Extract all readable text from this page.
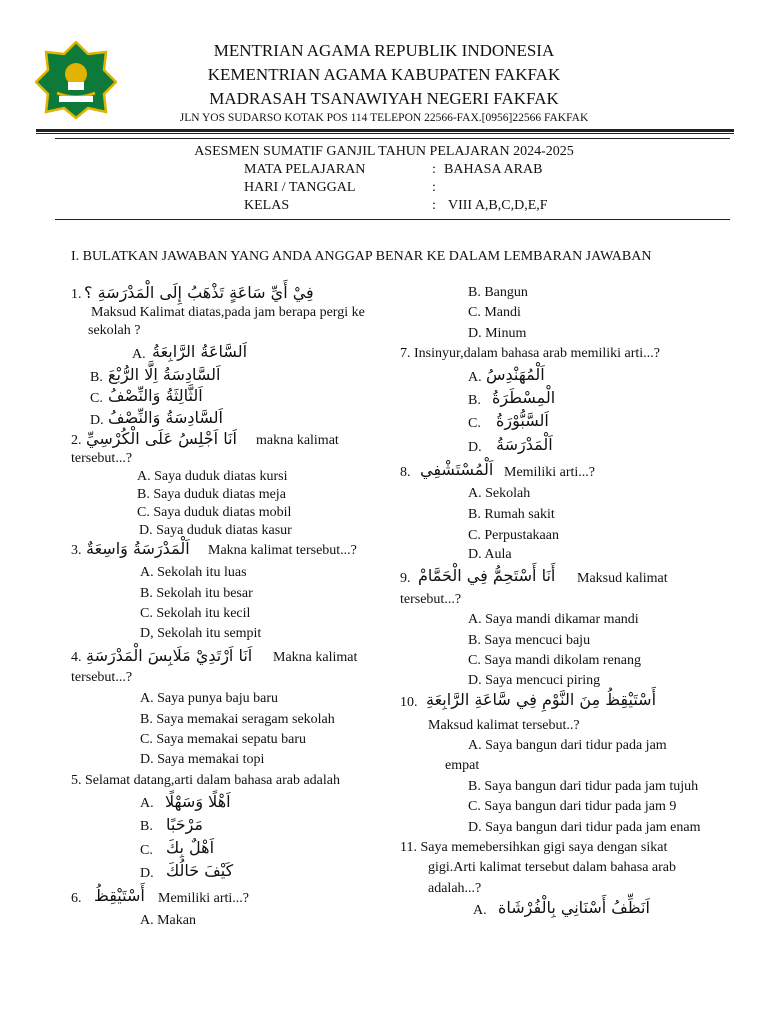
MENTRIAN AGAMA REPUBLIK INDONESIA
KEMENTRIAN AGAMA KABUPATEN FAKFAK
MADRASAH TSANAWIYAH NEGERI FAKFAK
JLN YOS SUDARSO KOTAK POS 114 TELEPON 22566-FAX.[0956]22566 FAKFAK
ASESMEN SUMATIF GANJIL TAHUN PELAJARAN 2024-2025
MATA PELAJARAN	: BAHASA ARAB
HARI / TANGGAL	:
KELAS	: VIII A,B,C,D,E,F
I. BULATKAN JAWABAN YANG ANDA ANGGAP BENAR KE DALAM LEMBARAN JAWABAN
1. فِيْ أَيِّ سَاعَةٍ تَذْهَبُ إِلَى الْمَدْرَسَةِ ؟
Maksud Kalimat diatas,pada jam berapa pergi ke
sekolah ?
A. اَلسَّاعَةُ الرَّابِعَةُ
B. اَلسَّادِسَةُ اِلَّا الرُّبْعَ
C. اَلثَّالِثَةُ وَالنِّصْفُ
D. اَلسَّادِسَةُ وَالنِّصْفُ
2. اَنَا اَجْلِسُ عَلَى الْكُرْسِيِّ makna kalimat
tersebut...?
A. Saya duduk diatas kursi
B. Saya duduk diatas meja
C. Saya duduk diatas mobil
D. Saya duduk diatas kasur
3. اَلْمَدْرَسَةُ وَاسِعَةٌ Makna kalimat tersebut...?
A. Sekolah itu luas
B. Sekolah itu besar
C. Sekolah itu kecil
D, Sekolah itu sempit
4. اَنَا اَرْتَدِيْ مَلَابِسَ الْمَدْرَسَةِ Makna kalimat
tersebut...?
A. Saya punya baju baru
B. Saya memakai seragam sekolah
C. Saya memakai sepatu baru
D. Saya memakai topi
5. Selamat datang,arti dalam bahasa arab adalah
A. اَهْلًا وَسَهْلًا
B. مَرْحَبًا
C. اَهْلٌ بِكَ
D. كَيْفَ حَالُكَ
6. أَسْتَيْقِظُ Memiliki arti...?
A. Makan
B. Bangun
C. Mandi
D. Minum
7. Insinyur,dalam bahasa arab memiliki arti...?
A. اَلْمُهَنْدِسُ
B. الْمِسْطَرَةُ
C. اَلسَّبُّوْرَةُ
D. اَلْمَدْرَسَةُ
8. اَلْمُسْتَشْفِي Memiliki arti...?
A. Sekolah
B. Rumah sakit
C. Perpustakaan
D. Aula
9. أَنَا أَسْتَحِمُّ فِي الْحَمَّامْ Maksud kalimat
tersebut...?
A. Saya mandi dikamar mandi
B. Saya mencuci baju
C. Saya mandi dikolam renang
D. Saya mencuci piring
10. أَسْتَيْقِظُ مِنَ النَّوْمِ فِي سَّاعَةِ الرَّابِعَةِ
Maksud kalimat tersebut..?
A. Saya bangun dari tidur pada jam
empat
B. Saya bangun dari tidur pada jam tujuh
C. Saya bangun dari tidur pada jam 9
D. Saya bangun dari tidur pada jam enam
11. Saya memebersihkan gigi saya dengan sikat
gigi.Arti kalimat tersebut dalam bahasa arab
adalah...?
A. اَنَظِّفُ أَسْنَانِي بِالْفُرْشَاة
